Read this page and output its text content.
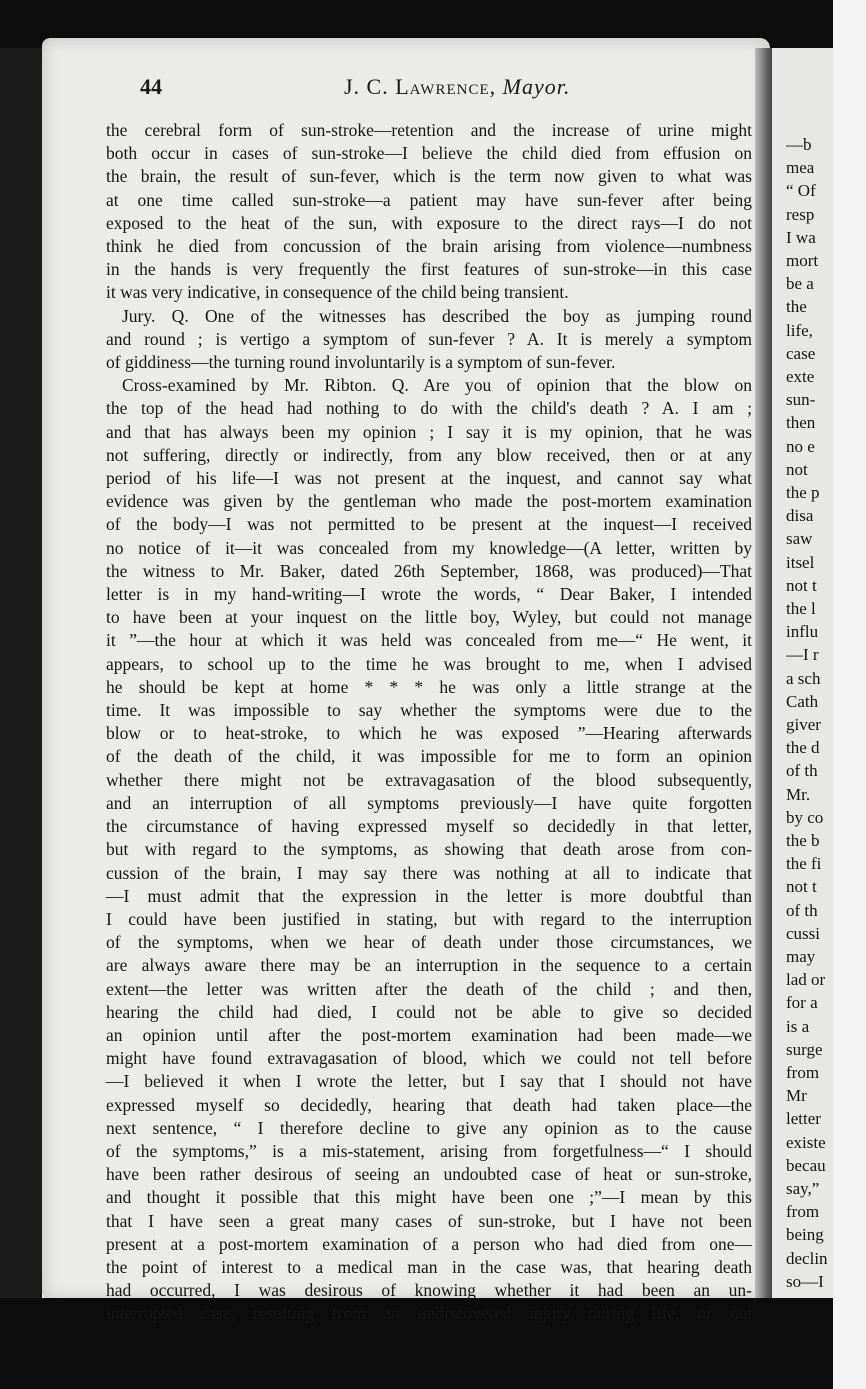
—b
mea
“ Of
resp
I wa
mort
be a
the
life,
case
exte
sun-
then
no e
not
the p
disa
saw
itsel
not t
the l
influ
—I r
a sch
Cath
giver
the d
of th
Mr.
by co
the b
the fi
not t
of th
cussi
may
lad or
for a
is a
surge
from
Mr
letter
existe
becau
say,”
from
being
declin
so—I
44	J. C. Lawrence, Mayor.
the cerebral form of sun-stroke—retention and the increase of urine might
both occur in cases of sun-stroke—I believe the child died from effusion on
the brain, the result of sun-fever, which is the term now given to what was
at one time called sun-stroke—a patient may have sun-fever after being
exposed to the heat of the sun, with exposure to the direct rays—I do not
think he died from concussion of the brain arising from violence—numbness
in the hands is very frequently the first features of sun-stroke—in this case
it was very indicative, in consequence of the child being transient.
Jury. Q. One of the witnesses has described the boy as jumping round
and round ; is vertigo a symptom of sun-fever ? A. It is merely a symptom
of giddiness—the turning round involuntarily is a symptom of sun-fever.
Cross-examined by Mr. Ribton. Q. Are you of opinion that the blow on
the top of the head had nothing to do with the child's death ? A. I am ;
and that has always been my opinion ; I say it is my opinion, that he was
not suffering, directly or indirectly, from any blow received, then or at any
period of his life—I was not present at the inquest, and cannot say what
evidence was given by the gentleman who made the post-mortem examination
of the body—I was not permitted to be present at the inquest—I received
no notice of it—it was concealed from my knowledge—(A letter, written by
the witness to Mr. Baker, dated 26th September, 1868, was produced)—That
letter is in my hand-writing—I wrote the words, “ Dear Baker, I intended
to have been at your inquest on the little boy, Wyley, but could not manage
it ”—the hour at which it was held was concealed from me—“ He went, it
appears, to school up to the time he was brought to me, when I advised
he should be kept at home * * * he was only a little strange at the
time. It was impossible to say whether the symptoms were due to the
blow or to heat-stroke, to which he was exposed ”—Hearing afterwards
of the death of the child, it was impossible for me to form an opinion
whether there might not be extravagasation of the blood subsequently,
and an interruption of all symptoms previously—I have quite forgotten
the circumstance of having expressed myself so decidedly in that letter,
but with regard to the symptoms, as showing that death arose from con-
cussion of the brain, I may say there was nothing at all to indicate that
—I must admit that the expression in the letter is more doubtful than
I could have been justified in stating, but with regard to the interruption
of the symptoms, when we hear of death under those circumstances, we
are always aware there may be an interruption in the sequence to a certain
extent—the letter was written after the death of the child ; and then,
hearing the child had died, I could not be able to give so decided
an opinion until after the post-mortem examination had been made—we
might have found extravagasation of blood, which we could not tell before
—I believed it when I wrote the letter, but I say that I should not have
expressed myself so decidedly, hearing that death had taken place—the
next sentence, “ I therefore decline to give any opinion as to the cause
of the symptoms,” is a mis-statement, arising from forgetfulness—“ I should
have been rather desirous of seeing an undoubted case of heat or sun-stroke,
and thought it possible that this might have been one ;”—I mean by this
that I have seen a great many cases of sun-stroke, but I have not been
present at a post-mortem examination of a person who had died from one—
the point of interest to a medical man in the case was, that hearing death
had occurred, I was desirous of knowing whether it had been an un-
interrupted case, resulting from an undiscovered injury during life, or not
